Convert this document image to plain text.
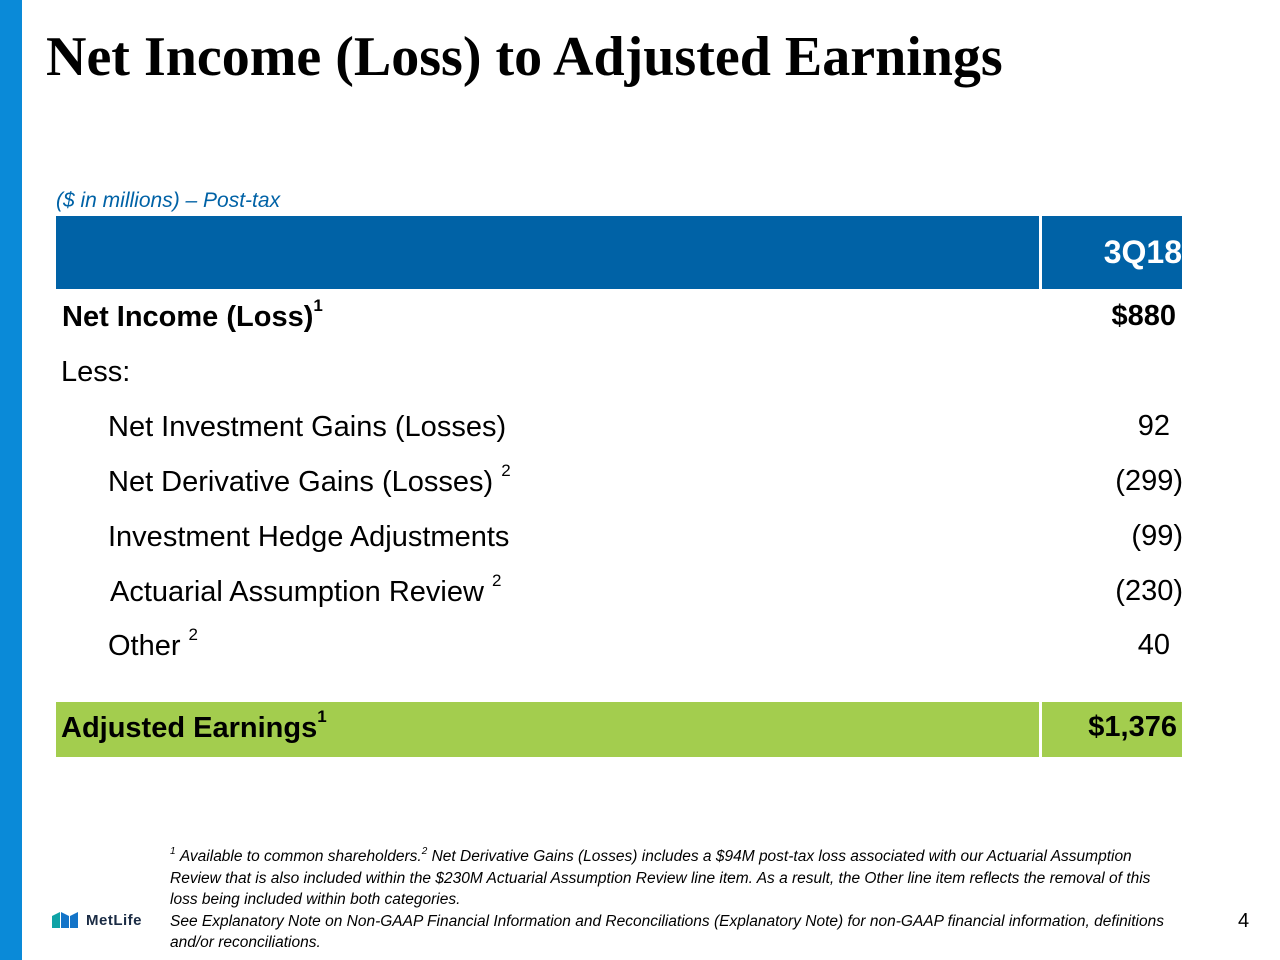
Net Income (Loss) to Adjusted Earnings
($ in millions) – Post-tax
3Q18
Net Income (Loss)$^1$	$880
Less:
Net Investment Gains (Losses)	92
Net Derivative Gains (Losses) $^2$	(299)
Investment Hedge Adjustments	(99)
Actuarial Assumption Review $^2$	(230)
Other $^2$	40
Adjusted Earnings$^1$	$1,376
$^1$ Available to common shareholders.$^2$ Net Derivative Gains (Losses) includes a $94M post-tax loss associated with our Actuarial Assumption Review that is also included within the $230M Actuarial Assumption Review line item. As a result, the Other line item reflects the removal of this loss being included within both categories.
See Explanatory Note on Non-GAAP Financial Information and Reconciliations (Explanatory Note) for non-GAAP financial information, definitions and/or reconciliations.
MetLife	4
